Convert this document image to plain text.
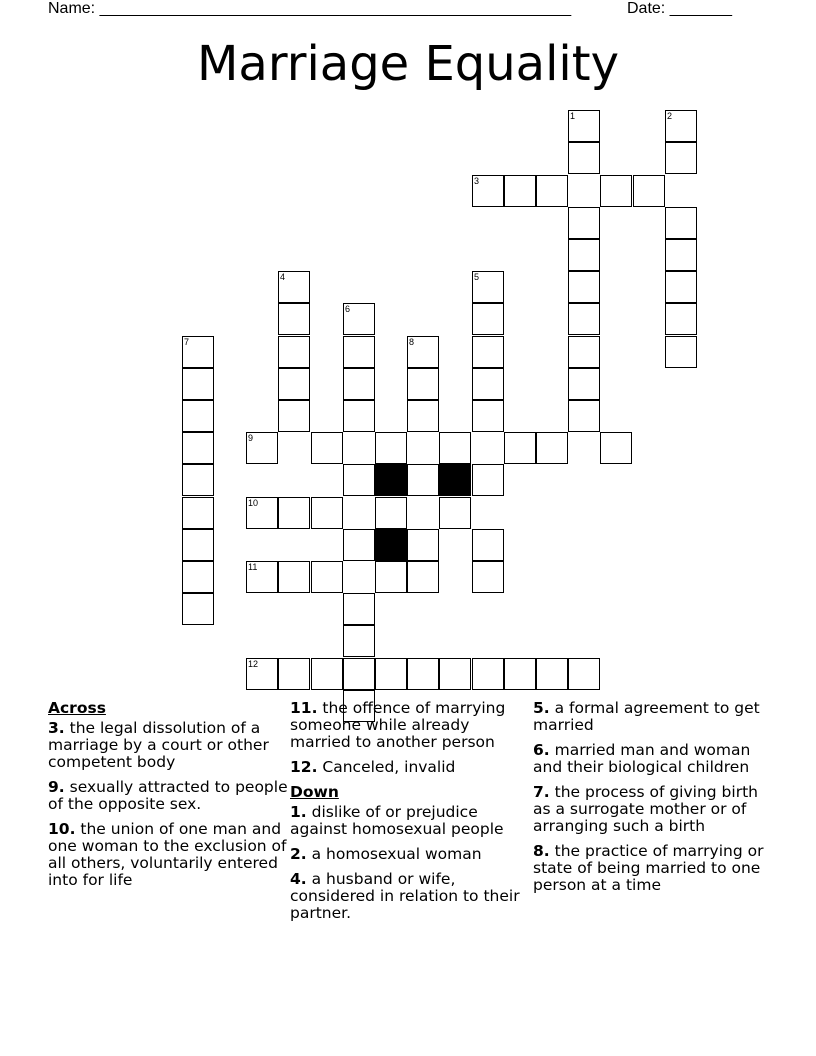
Name: _____________________________________________________	Date: _______
Marriage Equality
1	2
3
4	5
6
7	8
9
10
11
12
Across
3. the legal dissolution of a marriage by a court or other competent body
9. sexually attracted to people of the opposite sex.
10. the union of one man and one woman to the exclusion of all others, voluntarily entered into for life
11. the offence of marrying someone while already married to another person
12. Canceled, invalid
Down
1. dislike of or prejudice against homosexual people
2. a homosexual woman
4. a husband or wife, considered in relation to their partner.
5. a formal agreement to get married
6. married man and woman and their biological children
7. the process of giving birth as a surrogate mother or of arranging such a birth
8. the practice of marrying or state of being married to one person at a time
